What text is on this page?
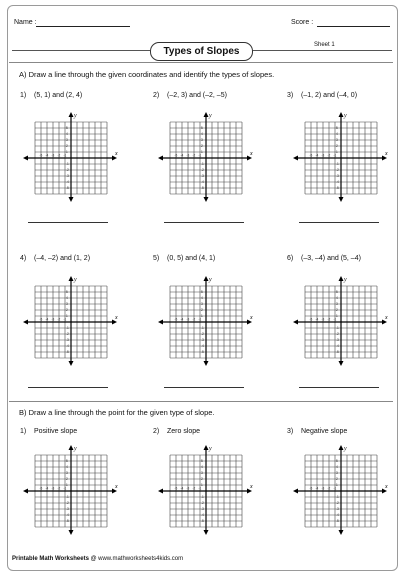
Name :	Score :
Types of Slopes
Sheet 1
A) Draw a line through the given coordinates and identify the types of slopes.
1) (5, 1) and (2, 4)	2) (–2, 3) and (–2, –5)	3) (–1, 2) and (–4, 0)
x
y
-5 -4 -3 -2 -1
5
4
3
2
1
-1
-2
-3
-4
-5
x
y
-5 -4 -3 -2 -1
5
4
3
2
1
-1
-2
-3
-4
-5
x
y
-5 -4 -3 -2 -1
5
4
3
2
1
-1
-2
-3
-4
-5
4) (–4, –2) and (1, 2)	5) (0, 5) and (4, 1)	6) (–3, –4) and (5, –4)
x
y
-5 -4 -3 -2 -1
5
4
3
2
1
-1
-2
-3
-4
-5
x
y
-5 -4 -3 -2 -1
5
4
3
2
1
-1
-2
-3
-4
-5
x
y
-5 -4 -3 -2 -1
5
4
3
2
1
-1
-2
-3
-4
-5
B) Draw a line through the point for the given type of slope.
1) Positive slope	2) Zero slope	3) Negative slope
x
y
-5 -4 -3 -2 -1
5
4
3
2
1
-1
-2
-3
-4
-5
x
y
-5 -4 -3 -2 -1
5
4
3
2
1
-1
-2
-3
-4
-5
x
y
-5 -4 -3 -2 -1
5
4
3
2
1
-1
-2
-3
-4
-5
Printable Math Worksheets @ www.mathworksheets4kids.com
